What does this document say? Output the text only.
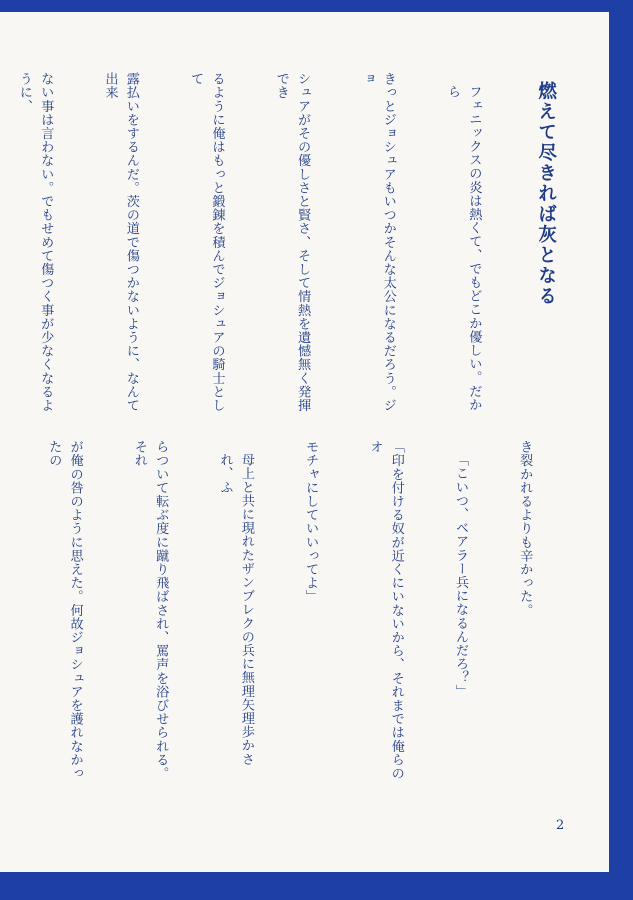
燃えて尽きれば灰となる

フェニックスの炎は熱くて、でもどこか優しい。だから

きっとジョシュアもいつかそんな太公になるだろう。ジョ

シュアがその優しさと賢さ、そして情熱を遺憾無く発揮でき

るように俺はもっと鍛錬を積んでジョシュアの騎士として

露払いをするんだ。茨の道で傷つかないように、なんて出来

ない事は言わない。でもせめて傷つく事が少なくなるように、

き裂かれるよりも辛かった。

「こいつ、ベアラー兵になるんだろ？」

「印を付ける奴が近くにいないから、それまでは俺らのオ

モチャにしていいってよ」

母上と共に現れたザンブレクの兵に無理矢理歩かされ、ふ

らついて転ぶ度に蹴り飛ばされ、罵声を浴びせられる。それ

が俺の咎のように思えた。何故ジョシュアを護れなかったの

2
